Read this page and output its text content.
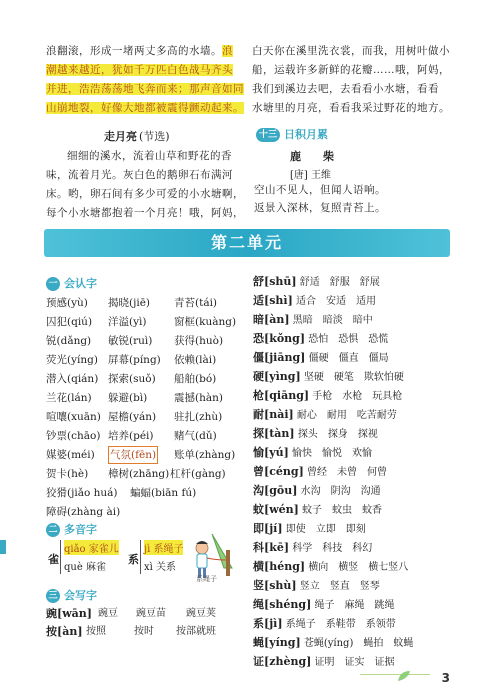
浪翻滚，形成一堵两丈多高的水墙。浪
潮越来越近，犹如千万匹白色战马齐头
并进，浩浩荡荡地飞奔而来；那声音如同
山崩地裂，好像大地都被震得颤动起来。
走月亮 (节选)
细细的溪水，流着山草和野花的香
味，流着月光。灰白色的鹅卵石布满河
床。哟，卵石间有多少可爱的小水塘啊，
每个小水塘都抱着一个月亮！哦，阿妈，
白天你在溪里洗衣裳，而我，用树叶做小
船，运载许多新鲜的花瓣……哦，阿妈，
我们到溪边去吧，去看看小水塘，看看
水塘里的月亮，看看我采过野花的地方。
十三 日积月累
鹿　　柴
[唐] 王维
空山不见人，但闻人语响。
返景入深林，复照青苔上。
第二单元
一 会认字
预感(yù) 揭晓(jiē) 青苔(tái)
囚犯(qiú) 洋溢(yì)	窗框(kuàng)
锐(dǎng) 敏锐(ruì) 获得(huò)
荧光(yíng) 屏幕(píng) 依赖(lài)
潜入(qián) 探索(suǒ) 船舶(bó)
兰花(lán) 躲避(bì)	震撼(hàn)
喧嚷(xuān) 屋檐(yán) 驻扎(zhù)
钞票(chāo) 培养(péi) 赌气(dǔ)
媒婆(méi) 气氛(fēn) 账单(zhàng)
贺卡(hè) 樟树(zhāng) 杠杆(gàng)
狡猾(jiǎo huá) 蝙蝠(biān fú)
障碍(zhàng ài)
二 多音字
雀
qiǎo 家雀儿
què 麻雀
系
jì 系绳子
xì 关系
系绳子
三 会写字
豌[wān] 豌豆 豌豆苗 豌豆荚
按[àn] 按照	按时 按部就班
舒[shū] 舒适 舒服 舒展
适[shì] 适合 安适 适用
暗[àn] 黑暗 暗淡 暗中
恐[kǒng] 恐怕 恐惧 恐慌
僵[jiāng] 僵硬 僵直 僵局
硬[yìng] 坚硬 硬笔 欺软怕硬
枪[qiāng] 手枪 水枪 玩具枪
耐[nài] 耐心 耐用 吃苦耐劳
探[tàn] 探头 探身 探视
愉[yú] 愉快 愉悦 欢愉
曾[céng] 曾经 未曾 何曾
沟[gōu] 水沟 阴沟 沟通
蚊[wén] 蚊子 蚊虫 蚊香
即[jí] 即使 立即 即刻
科[kē] 科学 科技 科幻
横[héng] 横向 横竖 横七竖八
竖[shù] 竖立 竖直 竖琴
绳[shéng] 绳子 麻绳 跳绳
系[jì] 系绳子 系鞋带 系领带
蝇[yíng] 苍蝇(yíng) 蝇拍 蚊蝇
证[zhèng] 证明 证实 证据
3
